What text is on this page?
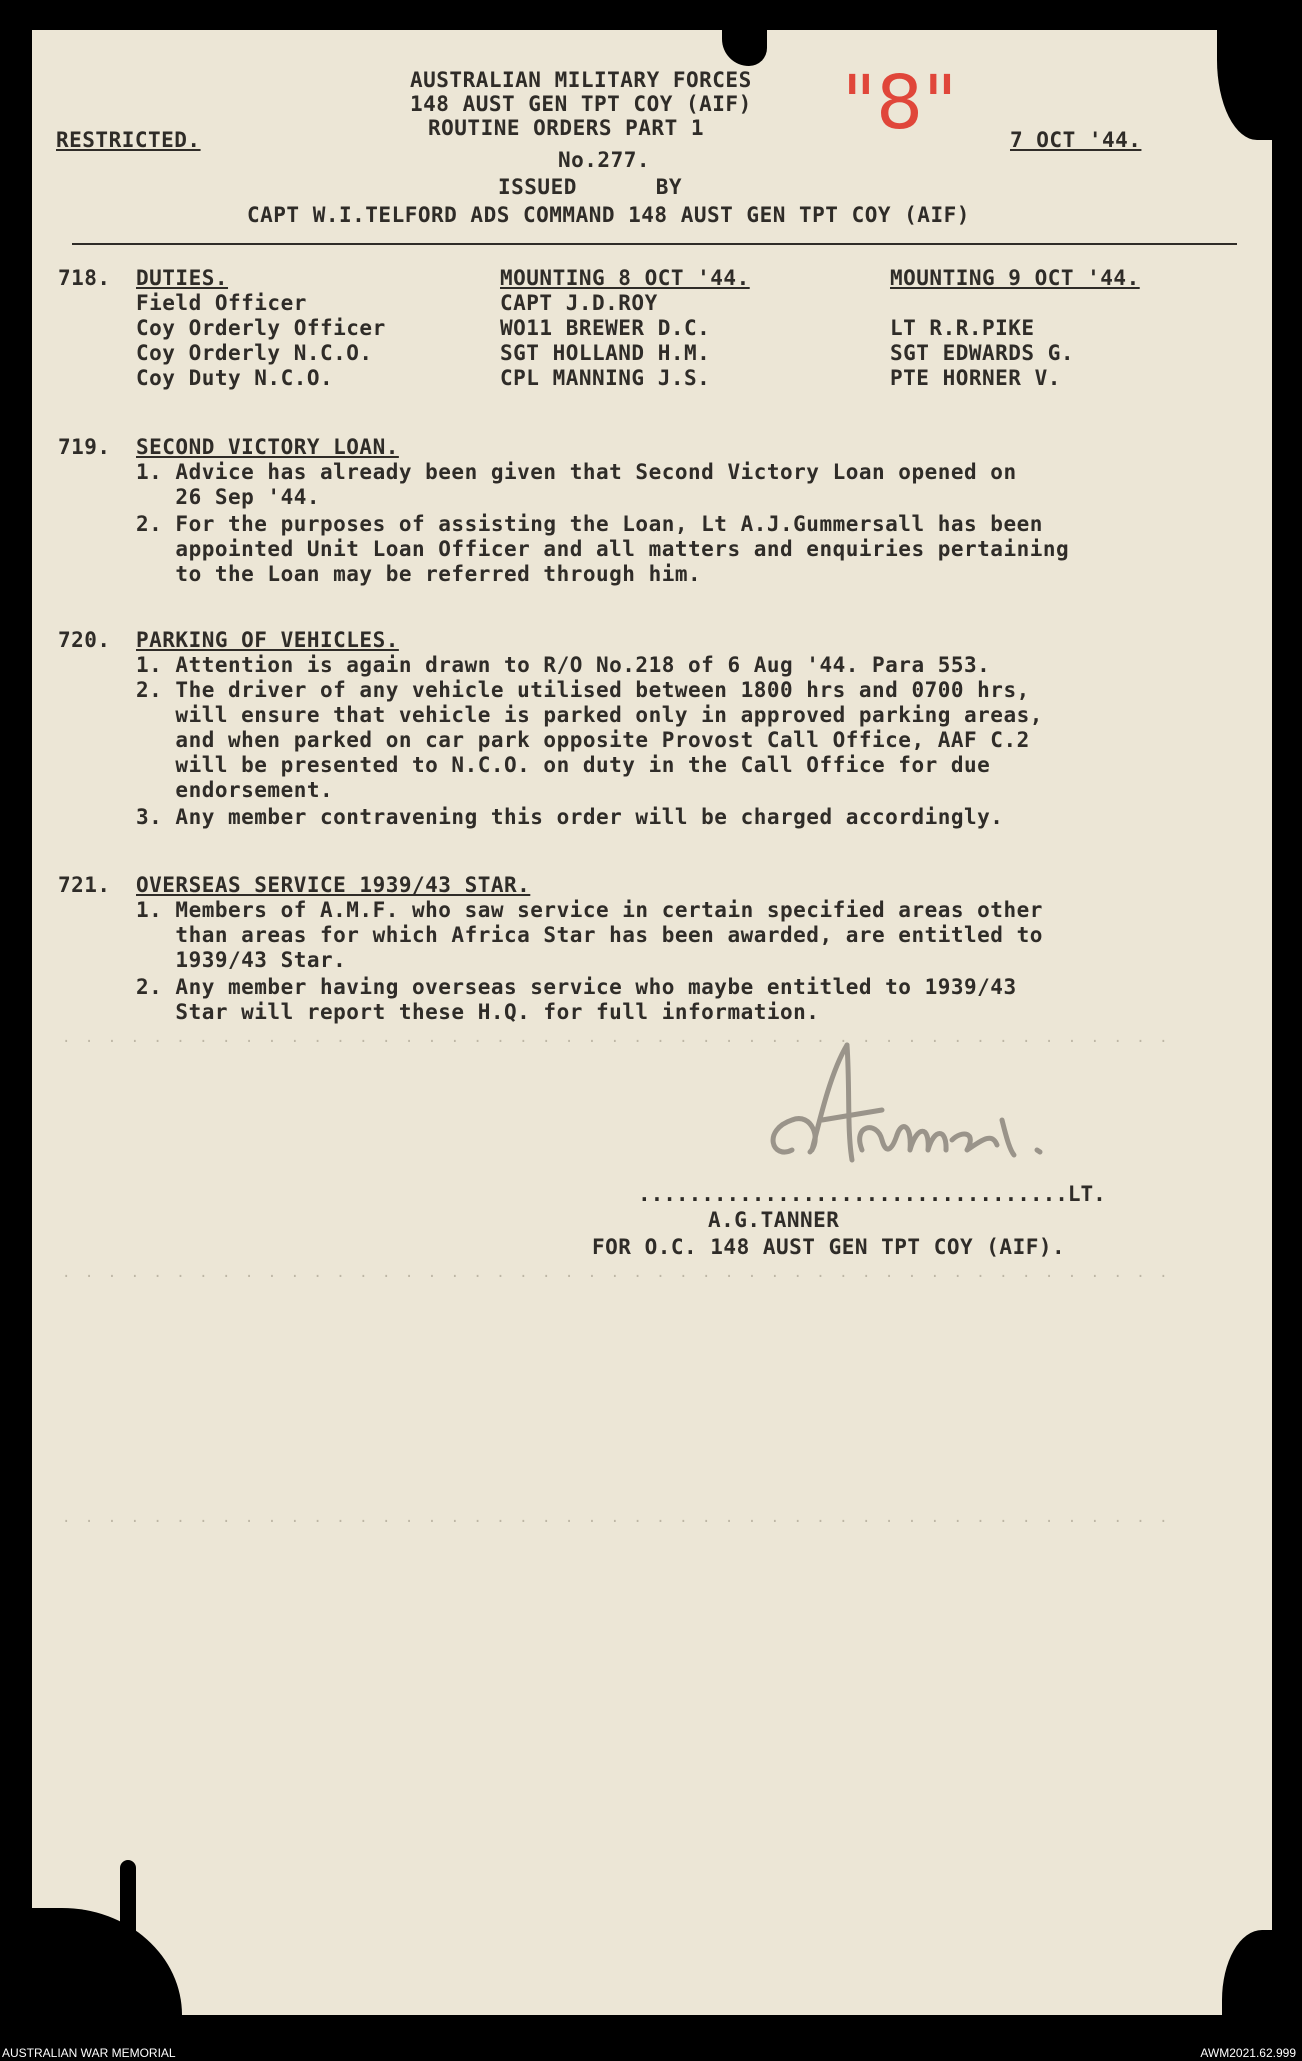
AUSTRALIAN MILITARY FORCES
148 AUST GEN TPT COY (AIF)
ROUTINE ORDERS PART 1
RESTRICTED.	7 OCT '44.
No.277.
ISSUED      BY
CAPT W.I.TELFORD ADS COMMAND 148 AUST GEN TPT COY (AIF)
"8"
718. DUTIES.	MOUNTING 8 OCT '44.	MOUNTING 9 OCT '44.
Field Officer	CAPT J.D.ROY
Coy Orderly Officer	WO11 BREWER D.C.	LT R.R.PIKE
Coy Orderly N.C.O.	SGT HOLLAND H.M.	SGT EDWARDS G.
Coy Duty N.C.O.	CPL MANNING J.S.	PTE HORNER V.
719. SECOND VICTORY LOAN.
1. Advice has already been given that Second Victory Loan opened on
26 Sep '44.
2. For the purposes of assisting the Loan, Lt A.J.Gummersall has been
appointed Unit Loan Officer and all matters and enquiries pertaining
to the Loan may be referred through him.
720. PARKING OF VEHICLES.
1. Attention is again drawn to R/O No.218 of 6 Aug '44. Para 553.
2. The driver of any vehicle utilised between 1800 hrs and 0700 hrs,
will ensure that vehicle is parked only in approved parking areas,
and when parked on car park opposite Provost Call Office, AAF C.2
will be presented to N.C.O. on duty in the Call Office for due
endorsement.
3. Any member contravening this order will be charged accordingly.
721. OVERSEAS SERVICE 1939/43 STAR.
1. Members of A.M.F. who saw service in certain specified areas other
than areas for which Africa Star has been awarded, are entitled to
1939/43 Star.
2. Any member having overseas service who maybe entitled to 1939/43
Star will report these H.Q. for full information.
. . . . . . . . . . . . . . . . . . . . . . . . . . . . . . . . . . . . . . . . . . . . . . . . .
. . . . . . . . . . . . . . . . . . . . . . . . . . . . . . . . . . . . . . . . . . . . . . . . .
. . . . . . . . . . . . . . . . . . . . . . . . . . . . . . . . . . . . . . . . . . . . . . . . .
..................................LT.
A.G.TANNER
FOR O.C. 148 AUST GEN TPT COY (AIF).
AUSTRALIAN WAR MEMORIAL	AWM2021.62.999
